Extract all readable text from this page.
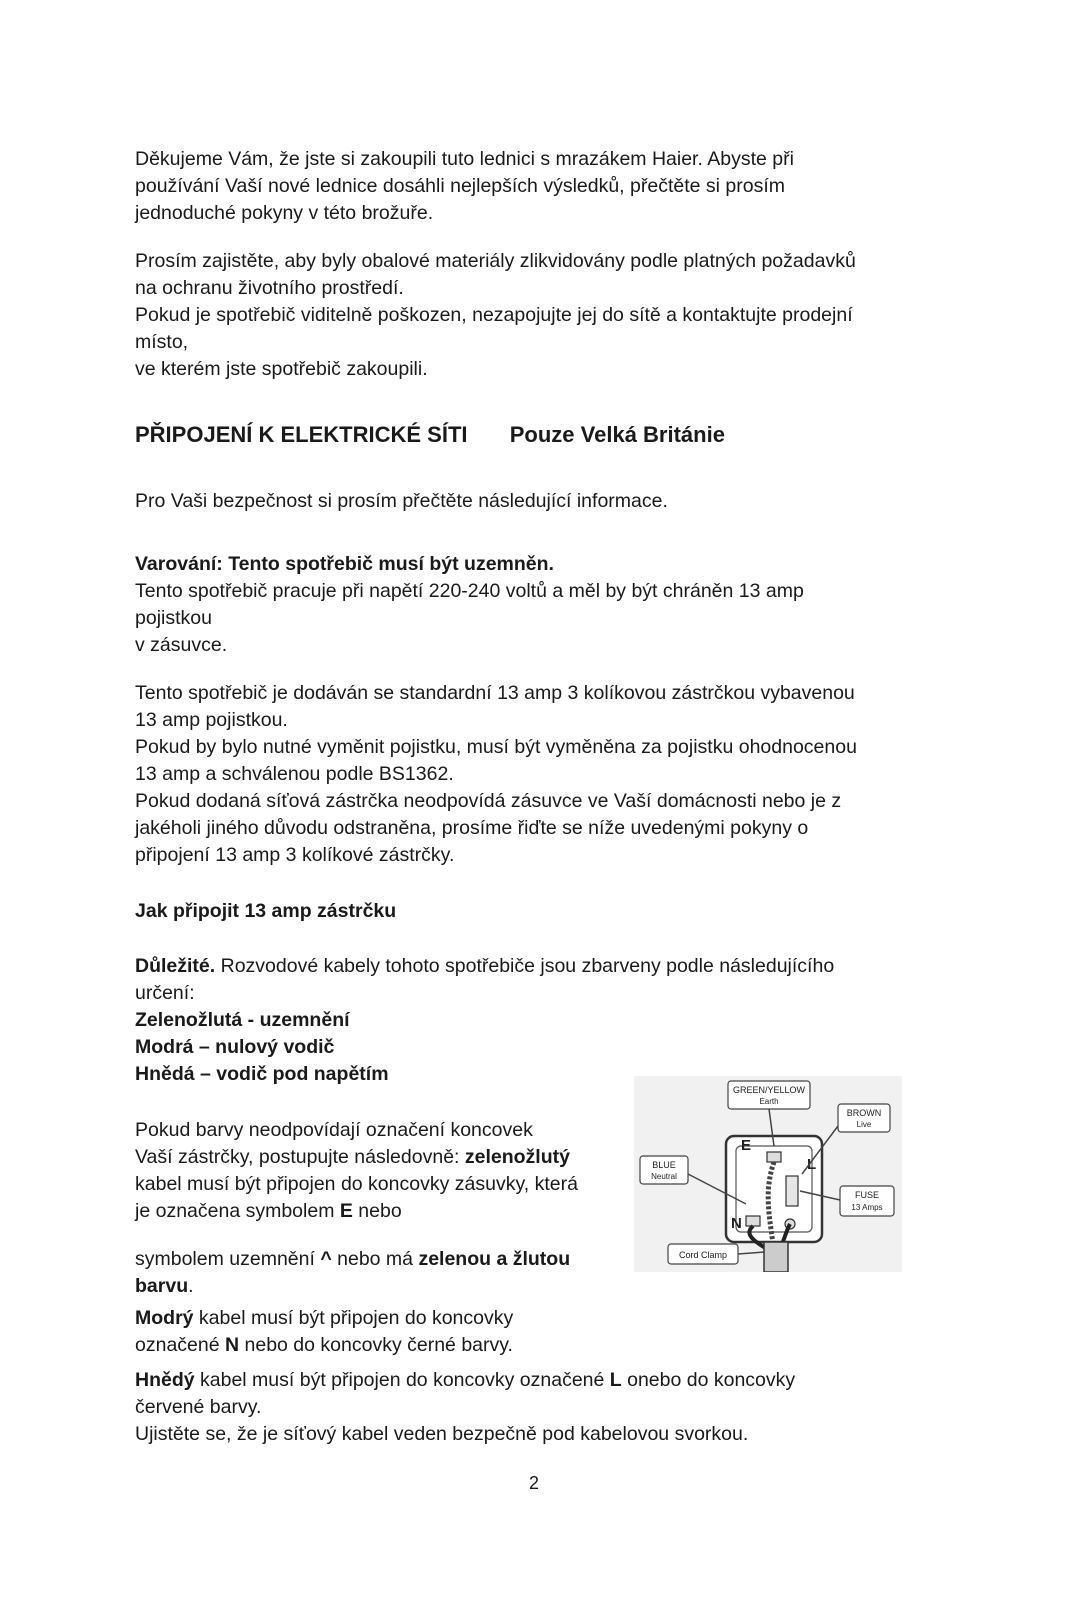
Děkujeme Vám, že jste si zakoupili tuto lednici s mrazákem Haier. Abyste při
používání Vaší nové lednice dosáhli nejlepších výsledků, přečtěte si prosím
jednoduché pokyny v této brožuře.

Prosím zajistěte, aby byly obalové materiály zlikvidovány podle platných požadavků
na ochranu životního prostředí.
Pokud je spotřebič viditelně poškozen, nezapojujte jej do sítě a kontaktujte prodejní
místo,
ve kterém jste spotřebič zakoupili.

PŘIPOJENÍ K ELEKTRICKÉ SÍTI Pouze Velká Británie

Pro Vaši bezpečnost si prosím přečtěte následující informace.

Varování: Tento spotřebič musí být uzemněn.
Tento spotřebič pracuje při napětí 220-240 voltů a měl by být chráněn 13 amp
pojistkou
v zásuvce.

Tento spotřebič je dodáván se standardní 13 amp 3 kolíkovou zástrčkou vybavenou
13 amp pojistkou.
Pokud by bylo nutné vyměnit pojistku, musí být vyměněna za pojistku ohodnocenou
13 amp a schválenou podle BS1362.
Pokud dodaná síťová zástrčka neodpovídá zásuvce ve Vaší domácnosti nebo je z
jakéholi jiného důvodu odstraněna, prosíme řiďte se níže uvedenými pokyny o
připojení 13 amp 3 kolíkové zástrčky.

Jak připojit 13 amp zástrčku

Důležité. Rozvodové kabely tohoto spotřebiče jsou zbarveny podle následujícího
určení:
Zelenožlutá - uzemnění
Modrá – nulový vodič
Hnědá – vodič pod napětím

Pokud barvy neodpovídají označení koncovek
Vaší zástrčky, postupujte následovně: zelenožlutý
kabel musí být připojen do koncovky zásuvky, která
je označena symbolem E nebo

symbolem uzemnění ^ nebo má zelenou a žlutou
barvu.

Modrý kabel musí být připojen do koncovky
označené N nebo do koncovky černé barvy.

Hnědý kabel musí být připojen do koncovky označené L onebo do koncovky
červené barvy.
Ujistěte se, že je síťový kabel veden bezpečně pod kabelovou svorkou.

E
L
N
GREEN/YELLOW
Earth
BROWN
Live
BLUE
Neutral
FUSE
13 Amps
Cord Clamp
2
